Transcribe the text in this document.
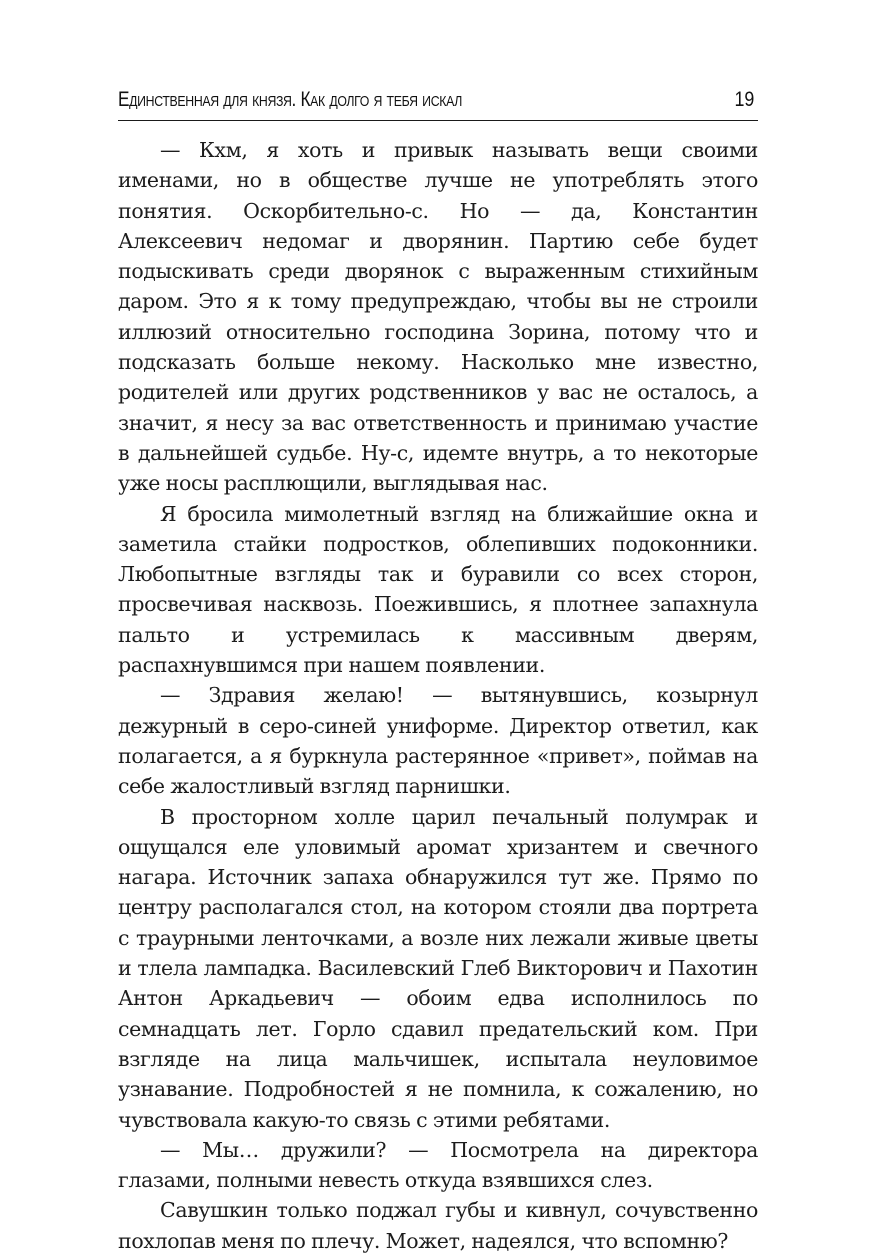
Единственная для князя. Как долго я тебя искал	19

— Кхм, я хоть и привык называть вещи своими именами, но в обществе лучше не употреблять этого понятия. Оскорбительно-с. Но — да, Константин Алексеевич недомаг и дворянин. Партию себе будет подыскивать среди дворянок с выраженным стихийным даром. Это я к тому предупреждаю, чтобы вы не строили иллюзий относительно господина Зорина, потому что и подсказать больше некому. Насколько мне известно, родителей или других родственников у вас не осталось, а значит, я несу за вас ответственность и принимаю участие в дальнейшей судьбе. Ну-с, идемте внутрь, а то некоторые уже носы расплющили, выглядывая нас.

Я бросила мимолетный взгляд на ближайшие окна и заметила стайки подростков, облепивших подоконники. Любопытные взгляды так и буравили со всех сторон, просвечивая насквозь. Поежившись, я плотнее запахнула пальто и устремилась к массивным дверям, распахнувшимся при нашем появлении.

— Здравия желаю! — вытянувшись, козырнул дежурный в серо-синей униформе. Директор ответил, как полагается, а я буркнула растерянное «привет», поймав на себе жалостливый взгляд парнишки.

В просторном холле царил печальный полумрак и ощущался еле уловимый аромат хризантем и свечного нагара. Источник запаха обнаружился тут же. Прямо по центру располагался стол, на котором стояли два портрета с траурными ленточками, а возле них лежали живые цветы и тлела лампадка. Василевский Глеб Викторович и Пахотин Антон Аркадьевич — обоим едва исполнилось по семнадцать лет. Горло сдавил предательский ком. При взгляде на лица мальчишек, испытала неуловимое узнавание. Подробностей я не помнила, к сожалению, но чувствовала какую-то связь с этими ребятами.

— Мы… дружили? — Посмотрела на директора глазами, полными невесть откуда взявшихся слез.

Савушкин только поджал губы и кивнул, сочувственно похлопав меня по плечу. Может, надеялся, что вспомню?
